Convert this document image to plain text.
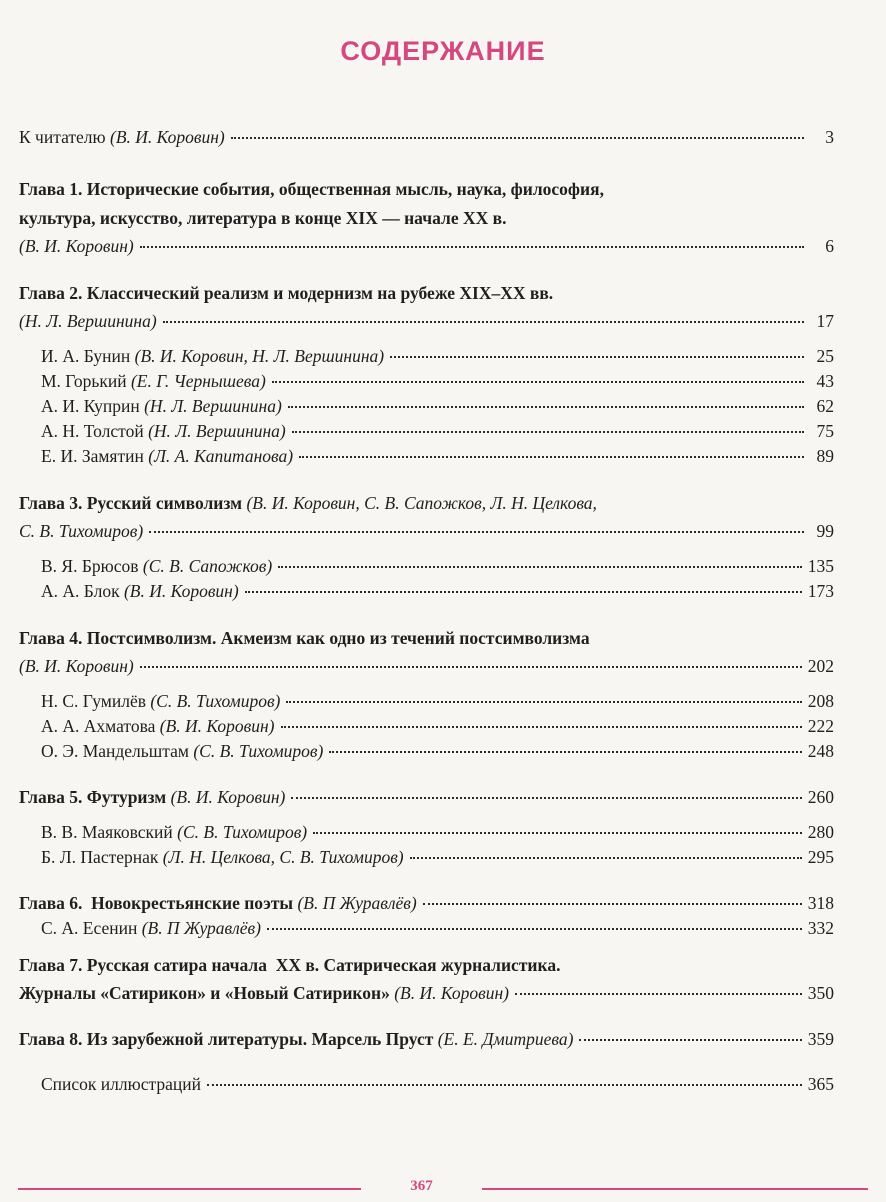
СОДЕРЖАНИЕ
К читателю (В. И. Коровин)	3
Глава 1. Исторические события, общественная мысль, наука, философия,
культура, искусство, литература в конце XIX — начале XX в.
(В. И. Коровин)	6
Глава 2. Классический реализм и модернизм на рубеже XIX–XX вв.
(Н. Л. Вершинина)	17
И. А. Бунин (В. И. Коровин, Н. Л. Вершинина)	25
М. Горький (Е. Г. Чернышева)	43
А. И. Куприн (Н. Л. Вершинина)	62
А. Н. Толстой (Н. Л. Вершинина)	75
Е. И. Замятин (Л. А. Капитанова)	89
Глава 3. Русский символизм (В. И. Коровин, С. В. Сапожков, Л. Н. Целкова,
С. В. Тихомиров)	99
В. Я. Брюсов (С. В. Сапожков)	135
А. А. Блок (В. И. Коровин)	173
Глава 4. Постсимволизм. Акмеизм как одно из течений постсимволизма
(В. И. Коровин)	202
Н. С. Гумилёв (С. В. Тихомиров)	208
А. А. Ахматова (В. И. Коровин)	222
О. Э. Мандельштам (С. В. Тихомиров)	248
Глава 5. Футуризм (В. И. Коровин)	260
В. В. Маяковский (С. В. Тихомиров)	280
Б. Л. Пастернак (Л. Н. Целкова, С. В. Тихомиров)	295
Глава 6.  Новокрестьянские поэты (В. П Журавлёв)	318
С. А. Есенин (В. П Журавлёв)	332
Глава 7. Русская сатира начала  XX в. Сатирическая журналистика.
Журналы «Сатирикон» и «Новый Сатирикон» (В. И. Коровин)	350
Глава 8. Из зарубежной литературы. Марсель Пруст (Е. Е. Дмитриева)	359
Список иллюстраций	365
367
